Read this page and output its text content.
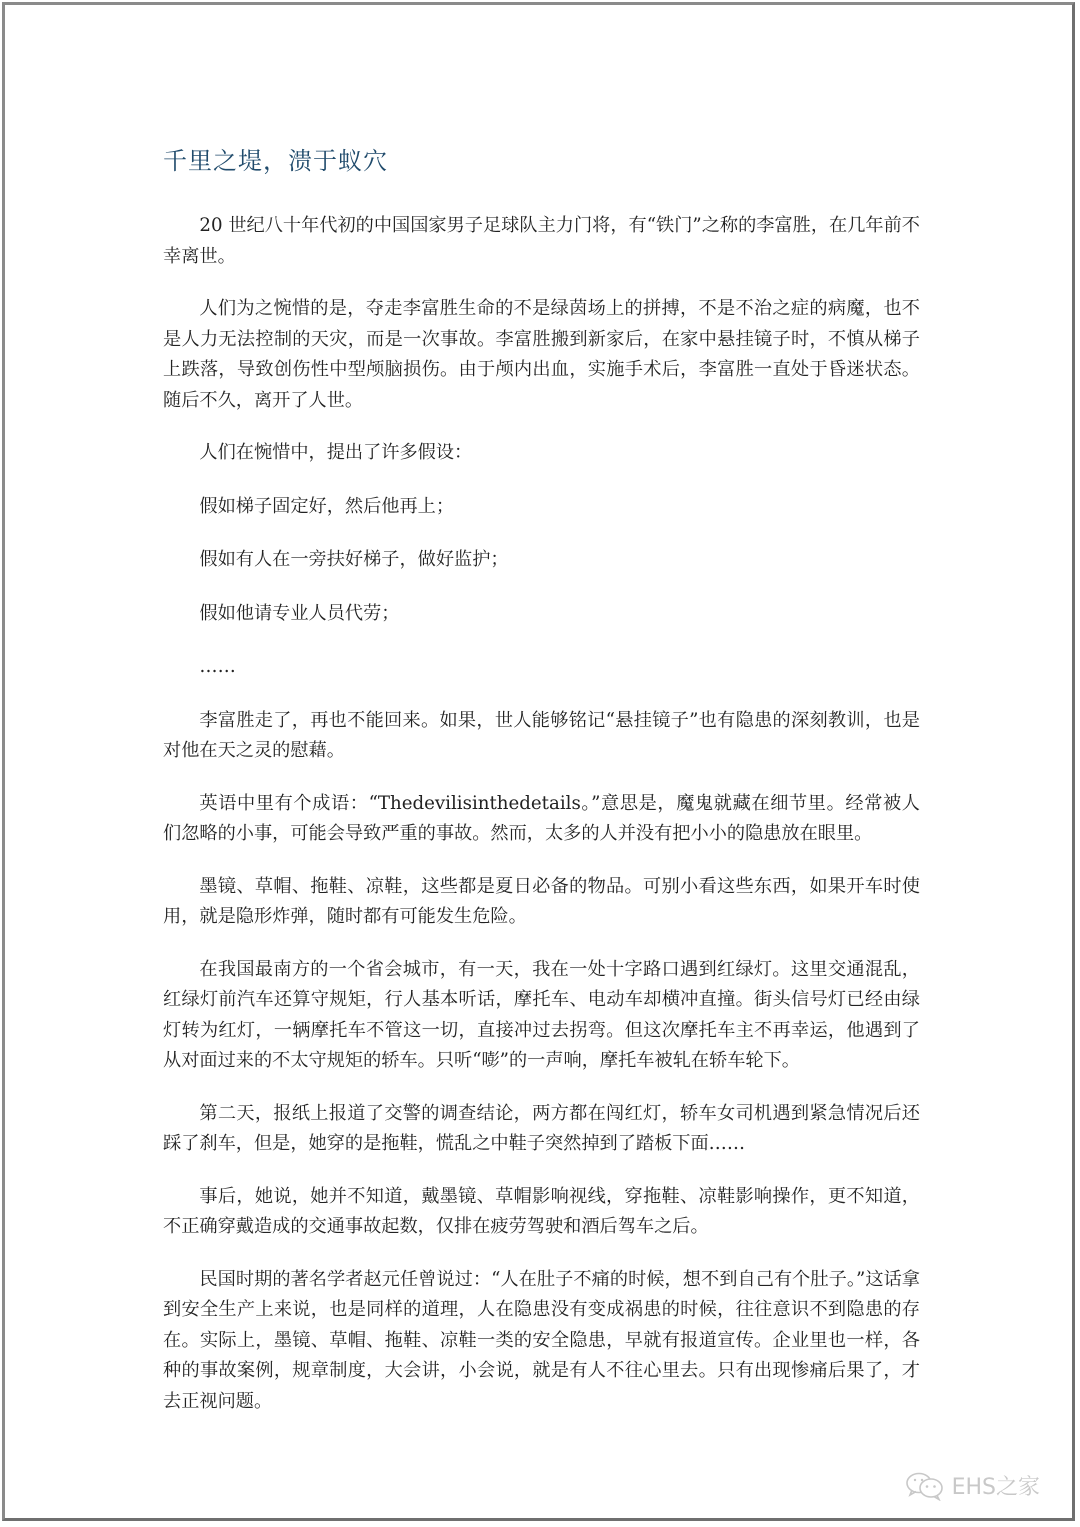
千里之堤，溃于蚁穴

20 世纪八十年代初的中国国家男子足球队主力门将，有“铁门”之称的李富胜，在几年前不幸离世。

人们为之惋惜的是，夺走李富胜生命的不是绿茵场上的拼搏，不是不治之症的病魔，也不是人力无法控制的天灾，而是一次事故。李富胜搬到新家后，在家中悬挂镜子时，不慎从梯子上跌落，导致创伤性中型颅脑损伤。由于颅内出血，实施手术后，李富胜一直处于昏迷状态。随后不久，离开了人世。

人们在惋惜中，提出了许多假设：

假如梯子固定好，然后他再上；

假如有人在一旁扶好梯子，做好监护；

假如他请专业人员代劳；

……

李富胜走了，再也不能回来。如果，世人能够铭记“悬挂镜子”也有隐患的深刻教训，也是对他在天之灵的慰藉。

英语中里有个成语：“Thedevilisinthedetails。”意思是，魔鬼就藏在细节里。经常被人们忽略的小事，可能会导致严重的事故。然而，太多的人并没有把小小的隐患放在眼里。

墨镜、草帽、拖鞋、凉鞋，这些都是夏日必备的物品。可别小看这些东西，如果开车时使用，就是隐形炸弹，随时都有可能发生危险。

在我国最南方的一个省会城市，有一天，我在一处十字路口遇到红绿灯。这里交通混乱，红绿灯前汽车还算守规矩，行人基本听话，摩托车、电动车却横冲直撞。街头信号灯已经由绿灯转为红灯，一辆摩托车不管这一切，直接冲过去拐弯。但这次摩托车主不再幸运，他遇到了从对面过来的不太守规矩的轿车。只听“嘭”的一声响，摩托车被轧在轿车轮下。

第二天，报纸上报道了交警的调查结论，两方都在闯红灯，轿车女司机遇到紧急情况后还踩了刹车，但是，她穿的是拖鞋，慌乱之中鞋子突然掉到了踏板下面……

事后，她说，她并不知道，戴墨镜、草帽影响视线，穿拖鞋、凉鞋影响操作，更不知道，不正确穿戴造成的交通事故起数，仅排在疲劳驾驶和酒后驾车之后。

民国时期的著名学者赵元任曾说过：“人在肚子不痛的时候，想不到自己有个肚子。”这话拿到安全生产上来说，也是同样的道理，人在隐患没有变成祸患的时候，往往意识不到隐患的存在。实际上，墨镜、草帽、拖鞋、凉鞋一类的安全隐患，早就有报道宣传。企业里也一样，各种的事故案例，规章制度，大会讲，小会说，就是有人不往心里去。只有出现惨痛后果了，才去正视问题。

EHS之家
